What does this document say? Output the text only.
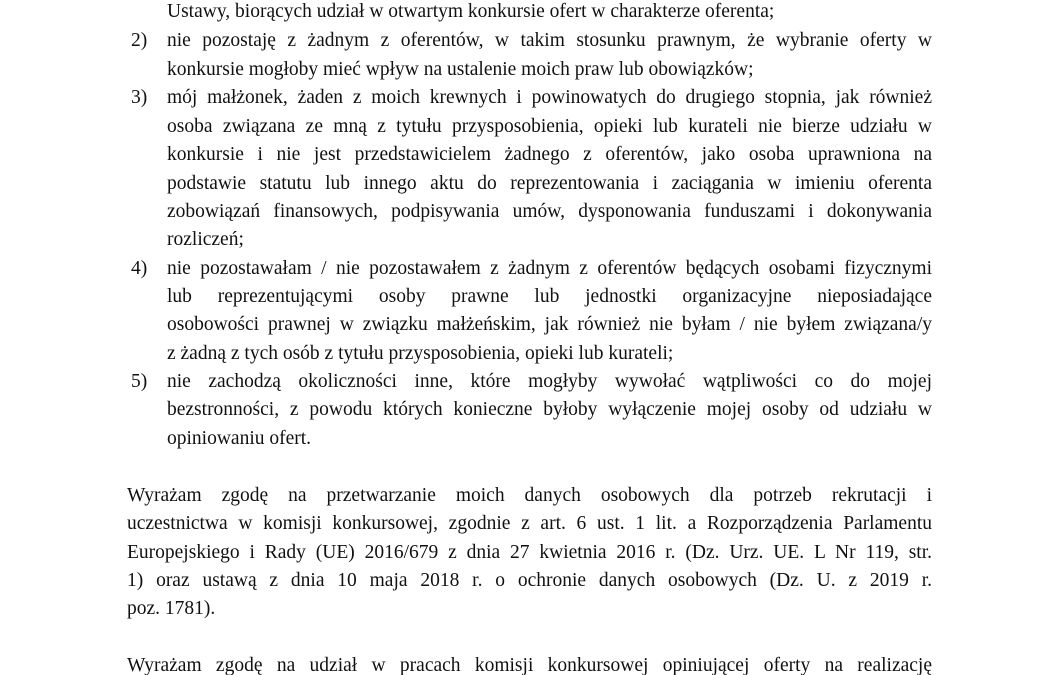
Ustawy, biorących udział w otwartym konkursie ofert w charakterze oferenta;
2) nie pozostaję z żadnym z oferentów, w takim stosunku prawnym, że wybranie oferty w
konkursie mogłoby mieć wpływ na ustalenie moich praw lub obowiązków;
3) mój małżonek, żaden z moich krewnych i powinowatych do drugiego stopnia, jak również
osoba związana ze mną z tytułu przysposobienia, opieki lub kurateli nie bierze udziału w
konkursie i nie jest przedstawicielem żadnego z oferentów, jako osoba uprawniona na
podstawie statutu lub innego aktu do reprezentowania i zaciągania w imieniu oferenta
zobowiązań finansowych, podpisywania umów, dysponowania funduszami i dokonywania
rozliczeń;
4) nie pozostawałam / nie pozostawałem z żadnym z oferentów będących osobami fizycznymi
lub reprezentującymi osoby prawne lub jednostki organizacyjne nieposiadające
osobowości prawnej w związku małżeńskim, jak również nie byłam / nie byłem związana/y
z żadną z tych osób z tytułu przysposobienia, opieki lub kurateli;
5) nie zachodzą okoliczności inne, które mogłyby wywołać wątpliwości co do mojej
bezstronności, z powodu których konieczne byłoby wyłączenie mojej osoby od udziału w
opiniowaniu ofert.
Wyrażam zgodę na przetwarzanie moich danych osobowych dla potrzeb rekrutacji i
uczestnictwa w komisji konkursowej, zgodnie z art. 6 ust. 1 lit. a Rozporządzenia Parlamentu
Europejskiego i Rady (UE) 2016/679 z dnia 27 kwietnia 2016 r. (Dz. Urz. UE. L Nr 119, str.
1) oraz ustawą z dnia 10 maja 2018 r. o ochronie danych osobowych (Dz. U. z 2019 r.
poz. 1781).
Wyrażam zgodę na udział w pracach komisji konkursowej opiniującej oferty na realizację
